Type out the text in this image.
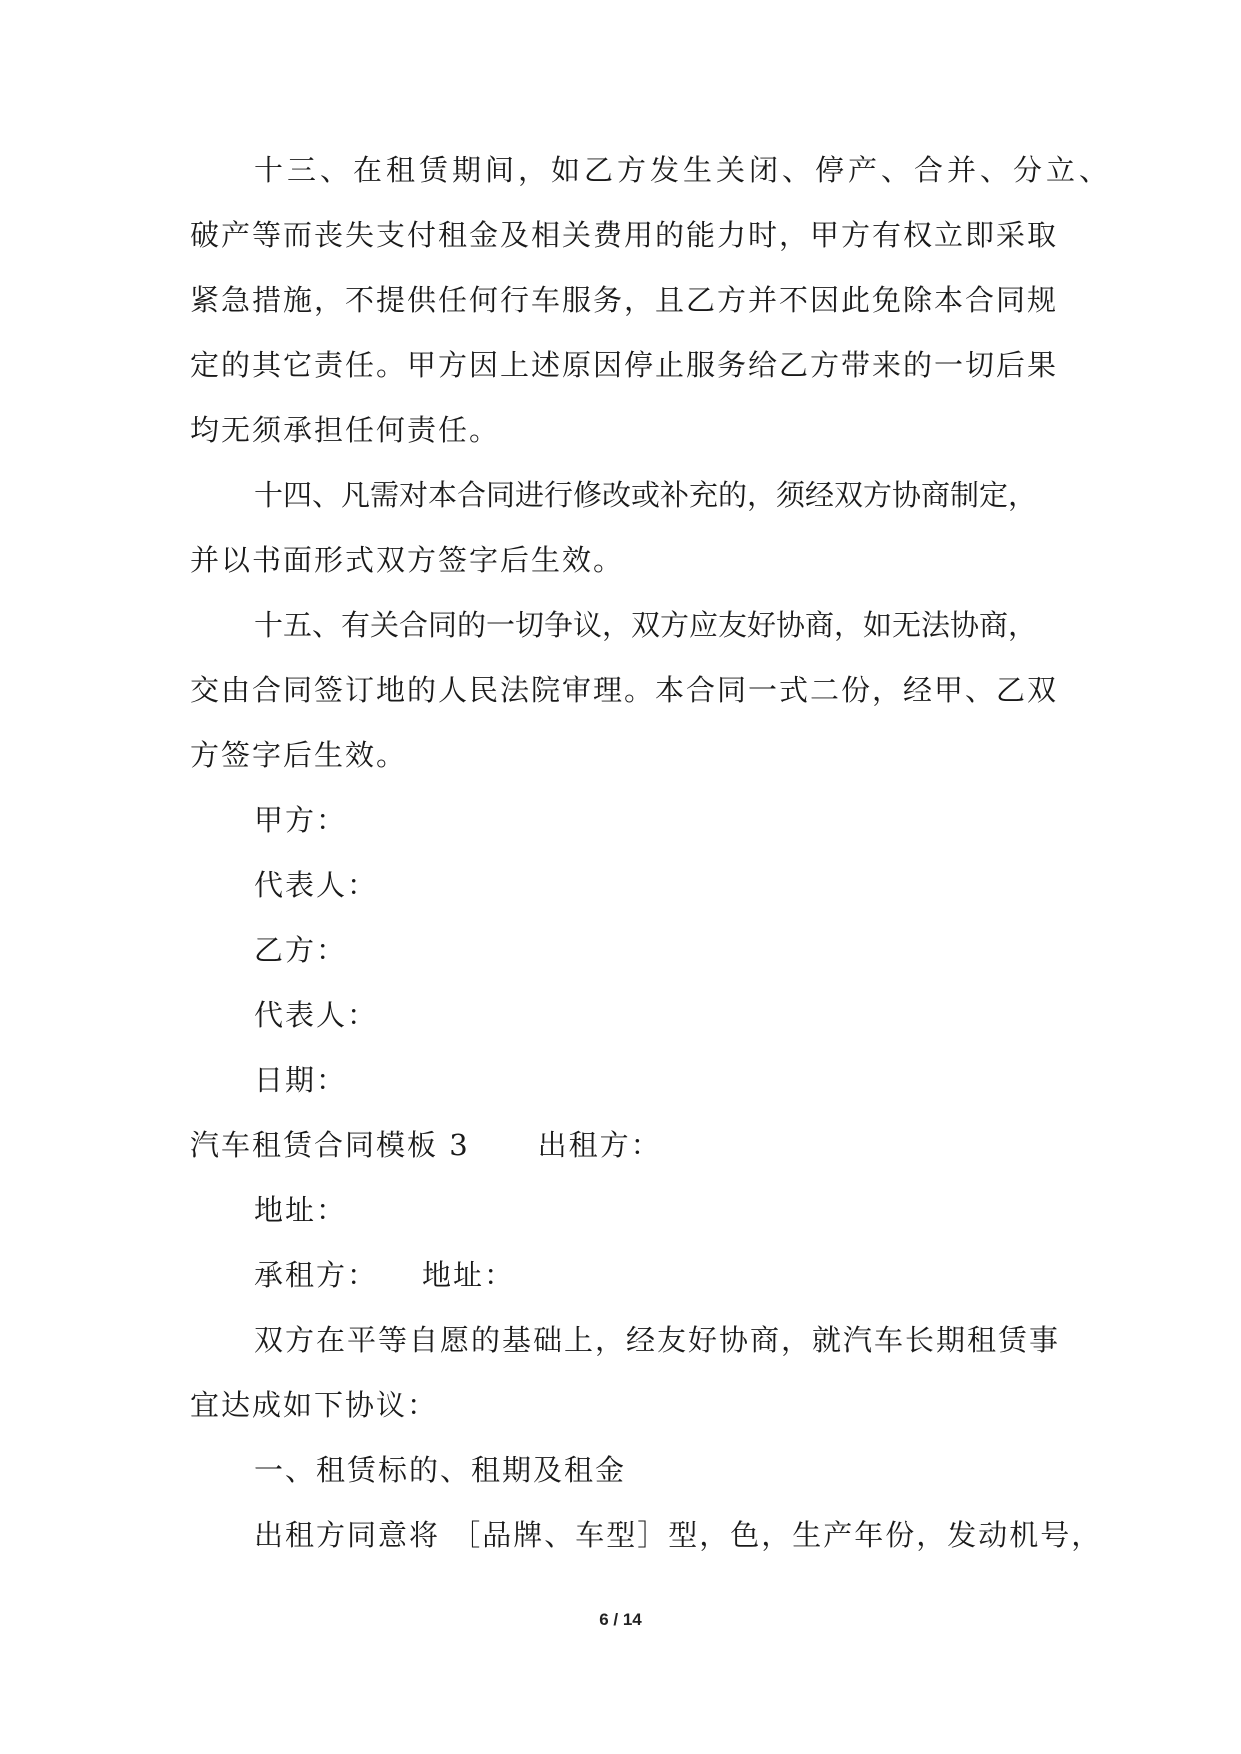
十三、在租赁期间，如乙方发生关闭、停产、合并、分立、
破产等而丧失支付租金及相关费用的能力时，甲方有权立即采取
紧急措施，不提供任何行车服务，且乙方并不因此免除本合同规
定的其它责任。甲方因上述原因停止服务给乙方带来的一切后果
均无须承担任何责任。
十四、凡需对本合同进行修改或补充的，须经双方协商制定，
并以书面形式双方签字后生效。
十五、有关合同的一切争议，双方应友好协商，如无法协商，
交由合同签订地的人民法院审理。本合同一式二份，经甲、乙双
方签字后生效。
甲方：
代表人：
乙方：
代表人：
日期：
汽车租赁合同模板 3 出租方：
地址：
承租方： 地址：
双方在平等自愿的基础上，经友好协商，就汽车长期租赁事
宜达成如下协议：
一、租赁标的、租期及租金
出租方同意将 ［品牌、车型］型，色，生产年份，发动机号，
6 / 14
